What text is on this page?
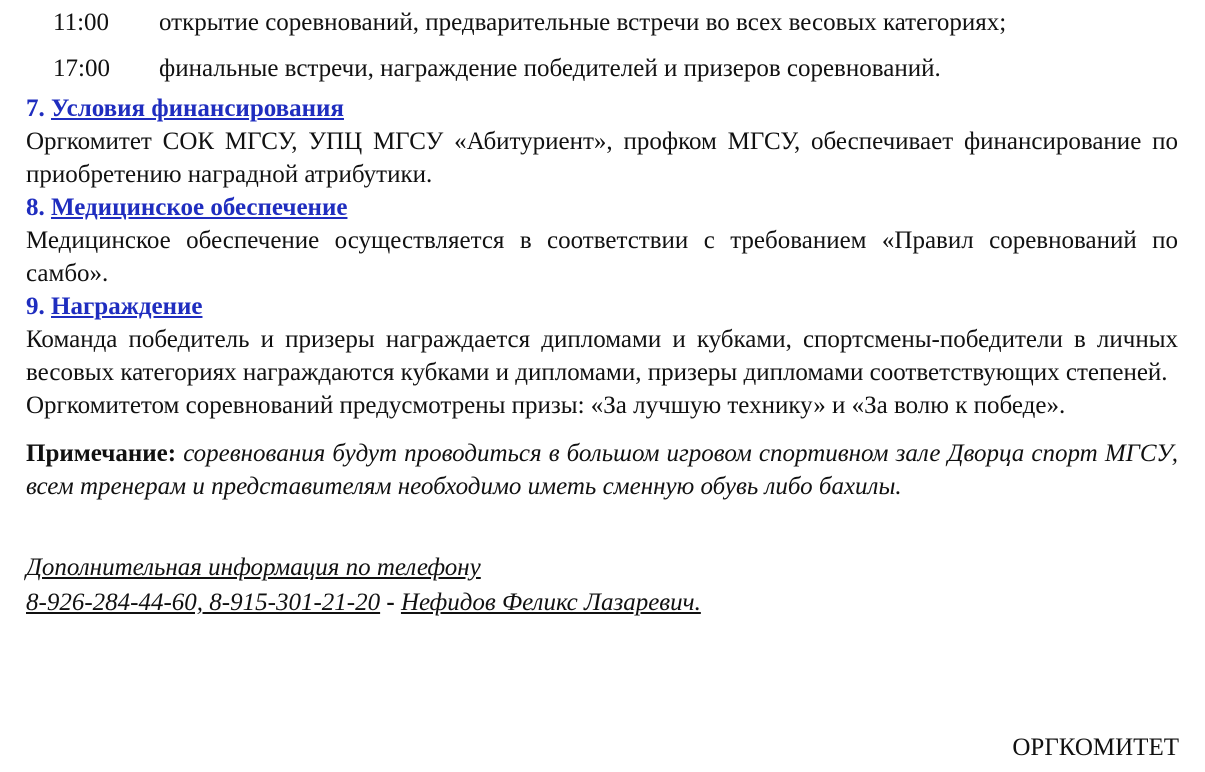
11:00 открытие соревнований, предварительные встречи во всех весовых категориях;
17:00 финальные встречи, награждение победителей и призеров соревнований.
7. Условия финансирования
Оргкомитет СОК МГСУ, УПЦ МГСУ «Абитуриент», профком МГСУ, обеспечивает финансирование по приобретению наградной атрибутики.
8. Медицинское обеспечение
Медицинское обеспечение осуществляется в соответствии с требованием «Правил соревнований по самбо».
9. Награждение
Команда победитель и призеры награждается дипломами и кубками, спортсмены-победители в личных весовых категориях награждаются кубками и дипломами, призеры дипломами соответствующих степеней.
Оргкомитетом соревнований предусмотрены призы: «За лучшую технику» и «За волю к победе».
Примечание: соревнования будут проводиться в большом игровом спортивном зале Дворца спорт МГСУ, всем тренерам и представителям необходимо иметь сменную обувь либо бахилы.
Дополнительная информация по телефону
8-926-284-44-60, 8-915-301-21-20 - Нефидов Феликс Лазаревич.
ОРГКОМИТЕТ
